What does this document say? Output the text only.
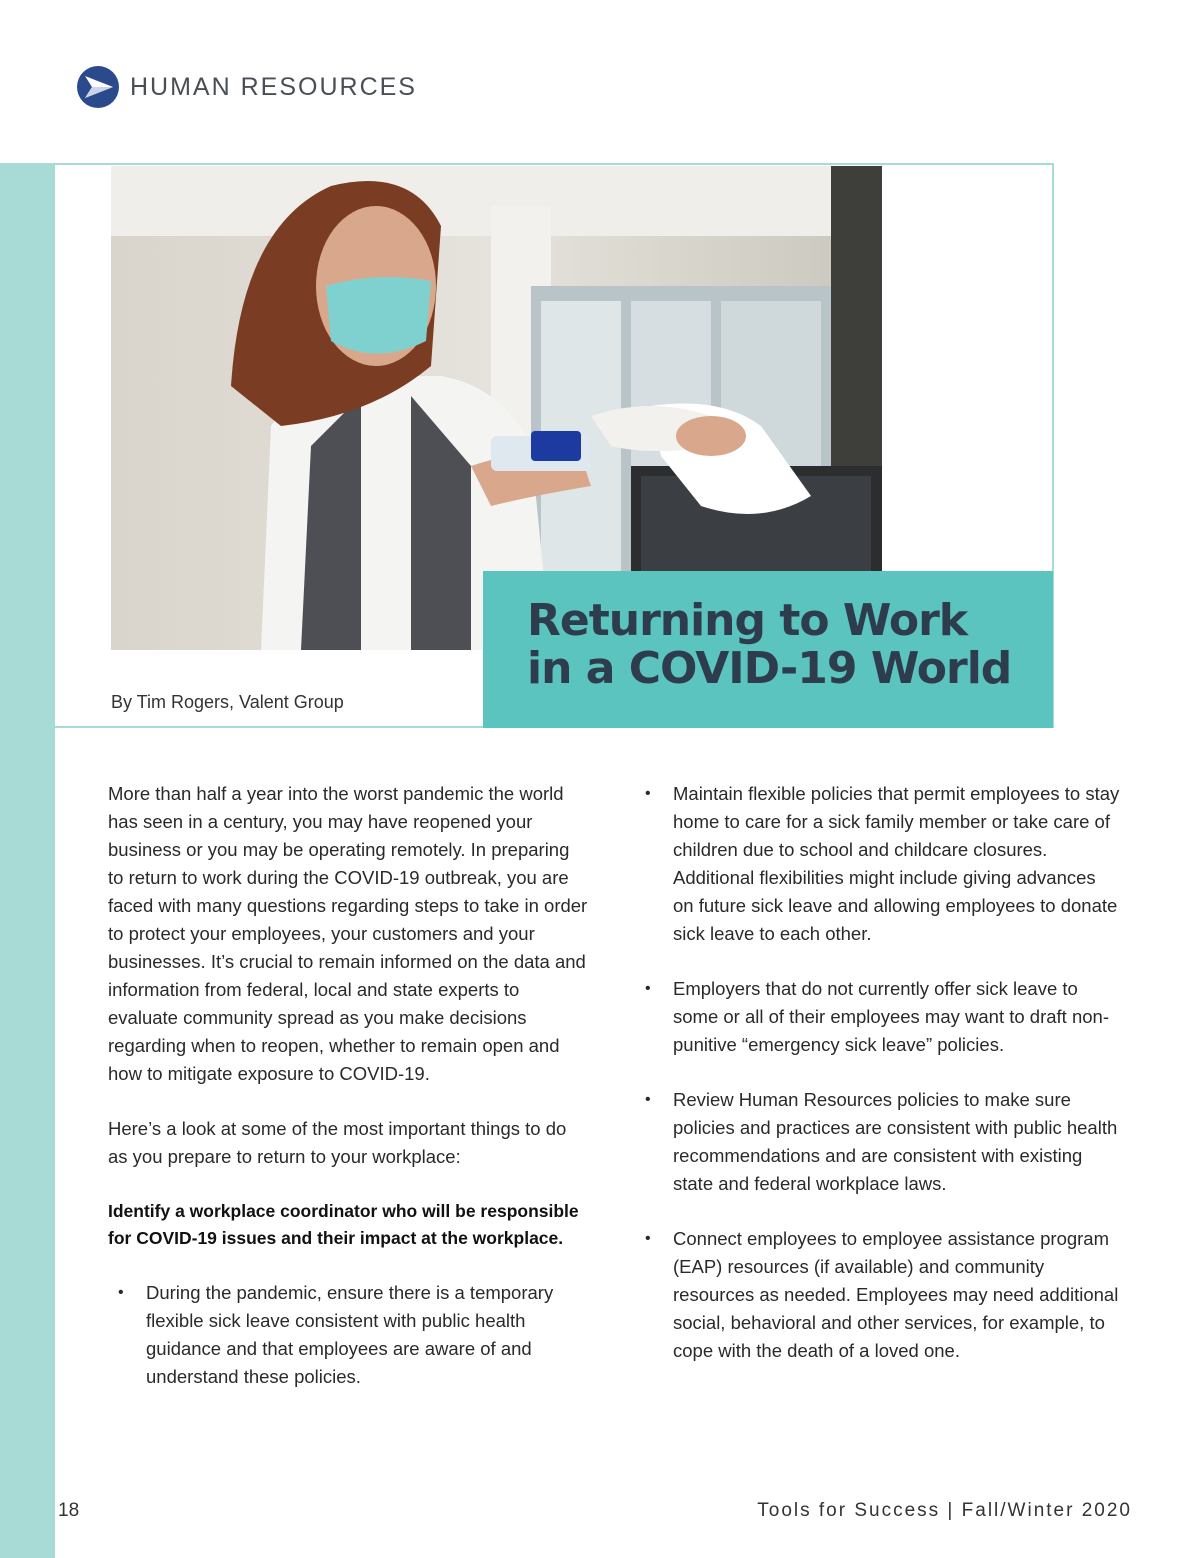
HUMAN RESOURCES
Returning to Work
in a COVID-19 World
By Tim Rogers, Valent Group

More than half a year into the worst pandemic the world has seen in a century, you may have reopened your business or you may be operating remotely. In preparing to return to work during the COVID-19 outbreak, you are faced with many questions regarding steps to take in order to protect your employees, your customers and your businesses. It’s crucial to remain informed on the data and information from federal, local and state experts to evaluate community spread as you make decisions regarding when to reopen, whether to remain open and how to mitigate exposure to COVID-19.

Here’s a look at some of the most important things to do as you prepare to return to your workplace:

Identify a workplace coordinator who will be responsible for COVID-19 issues and their impact at the workplace.

•	During the pandemic, ensure there is a temporary flexible sick leave consistent with public health guidance and that employees are aware of and understand these policies.
•	Maintain flexible policies that permit employees to stay home to care for a sick family member or take care of children due to school and childcare closures. Additional flexibilities might include giving advances on future sick leave and allowing employees to donate sick leave to each other.
•	Employers that do not currently offer sick leave to some or all of their employees may want to draft non-punitive “emergency sick leave” policies.
•	Review Human Resources policies to make sure policies and practices are consistent with public health recommendations and are consistent with existing state and federal workplace laws.
•	Connect employees to employee assistance program (EAP) resources (if available) and community resources as needed. Employees may need additional social, behavioral and other services, for example, to cope with the death of a loved one.
18	Tools for Success | Fall/Winter 2020
